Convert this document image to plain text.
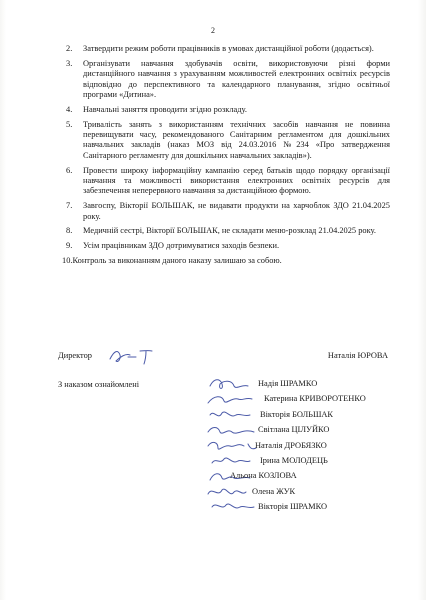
2
2. Затвердити режим роботи працівників в умовах дистанційної роботи (додається).
3. Організувати навчання здобувачів освіти, використовуючи різні форми дистанційного навчання з урахуванням можливостей електронних освітніх ресурсів відповідно до перспективного та календарного планування, згідно освітньої програми «Дитина».
4. Навчальні заняття проводити згідно розкладу.
5. Тривалість занять з використанням технічних засобів навчання не повинна перевищувати часу, рекомендованого Санітарним регламентом для дошкільних навчальних закладів (наказ МОЗ від 24.03.2016 №234 «Про затвердження Санітарного регламенту для дошкільних навчальних закладів»).
6. Провести широку інформаційну кампанію серед батьків щодо порядку організації навчання та можливості використання електронних освітніх ресурсів для забезпечення неперервного навчання за дистанційною формою.
7. Завгоспу, Вікторії БОЛЬШАК, не видавати продукти на харчоблок ЗДО 21.04.2025 року.
8. Медичній сестрі, Вікторії БОЛЬШАК, не складати меню-розклад 21.04.2025 року.
9. Усім працівникам ЗДО дотримуватися заходів безпеки.
10.Контроль за виконанням даного наказу залишаю за собою.
Директор	Наталія ЮРОВА
З наказом ознайомлені	Надія ШРАМКО
Катерина КРИВОРОТЕНКО
Вікторія БОЛЬШАК
Світлана ЦІЛУЙКО
Наталія ДРОБЯЗКО
Ірина МОЛОДЕЦЬ
Альона КОЗЛОВА
Олена ЖУК
Вікторія ШРАМКО
